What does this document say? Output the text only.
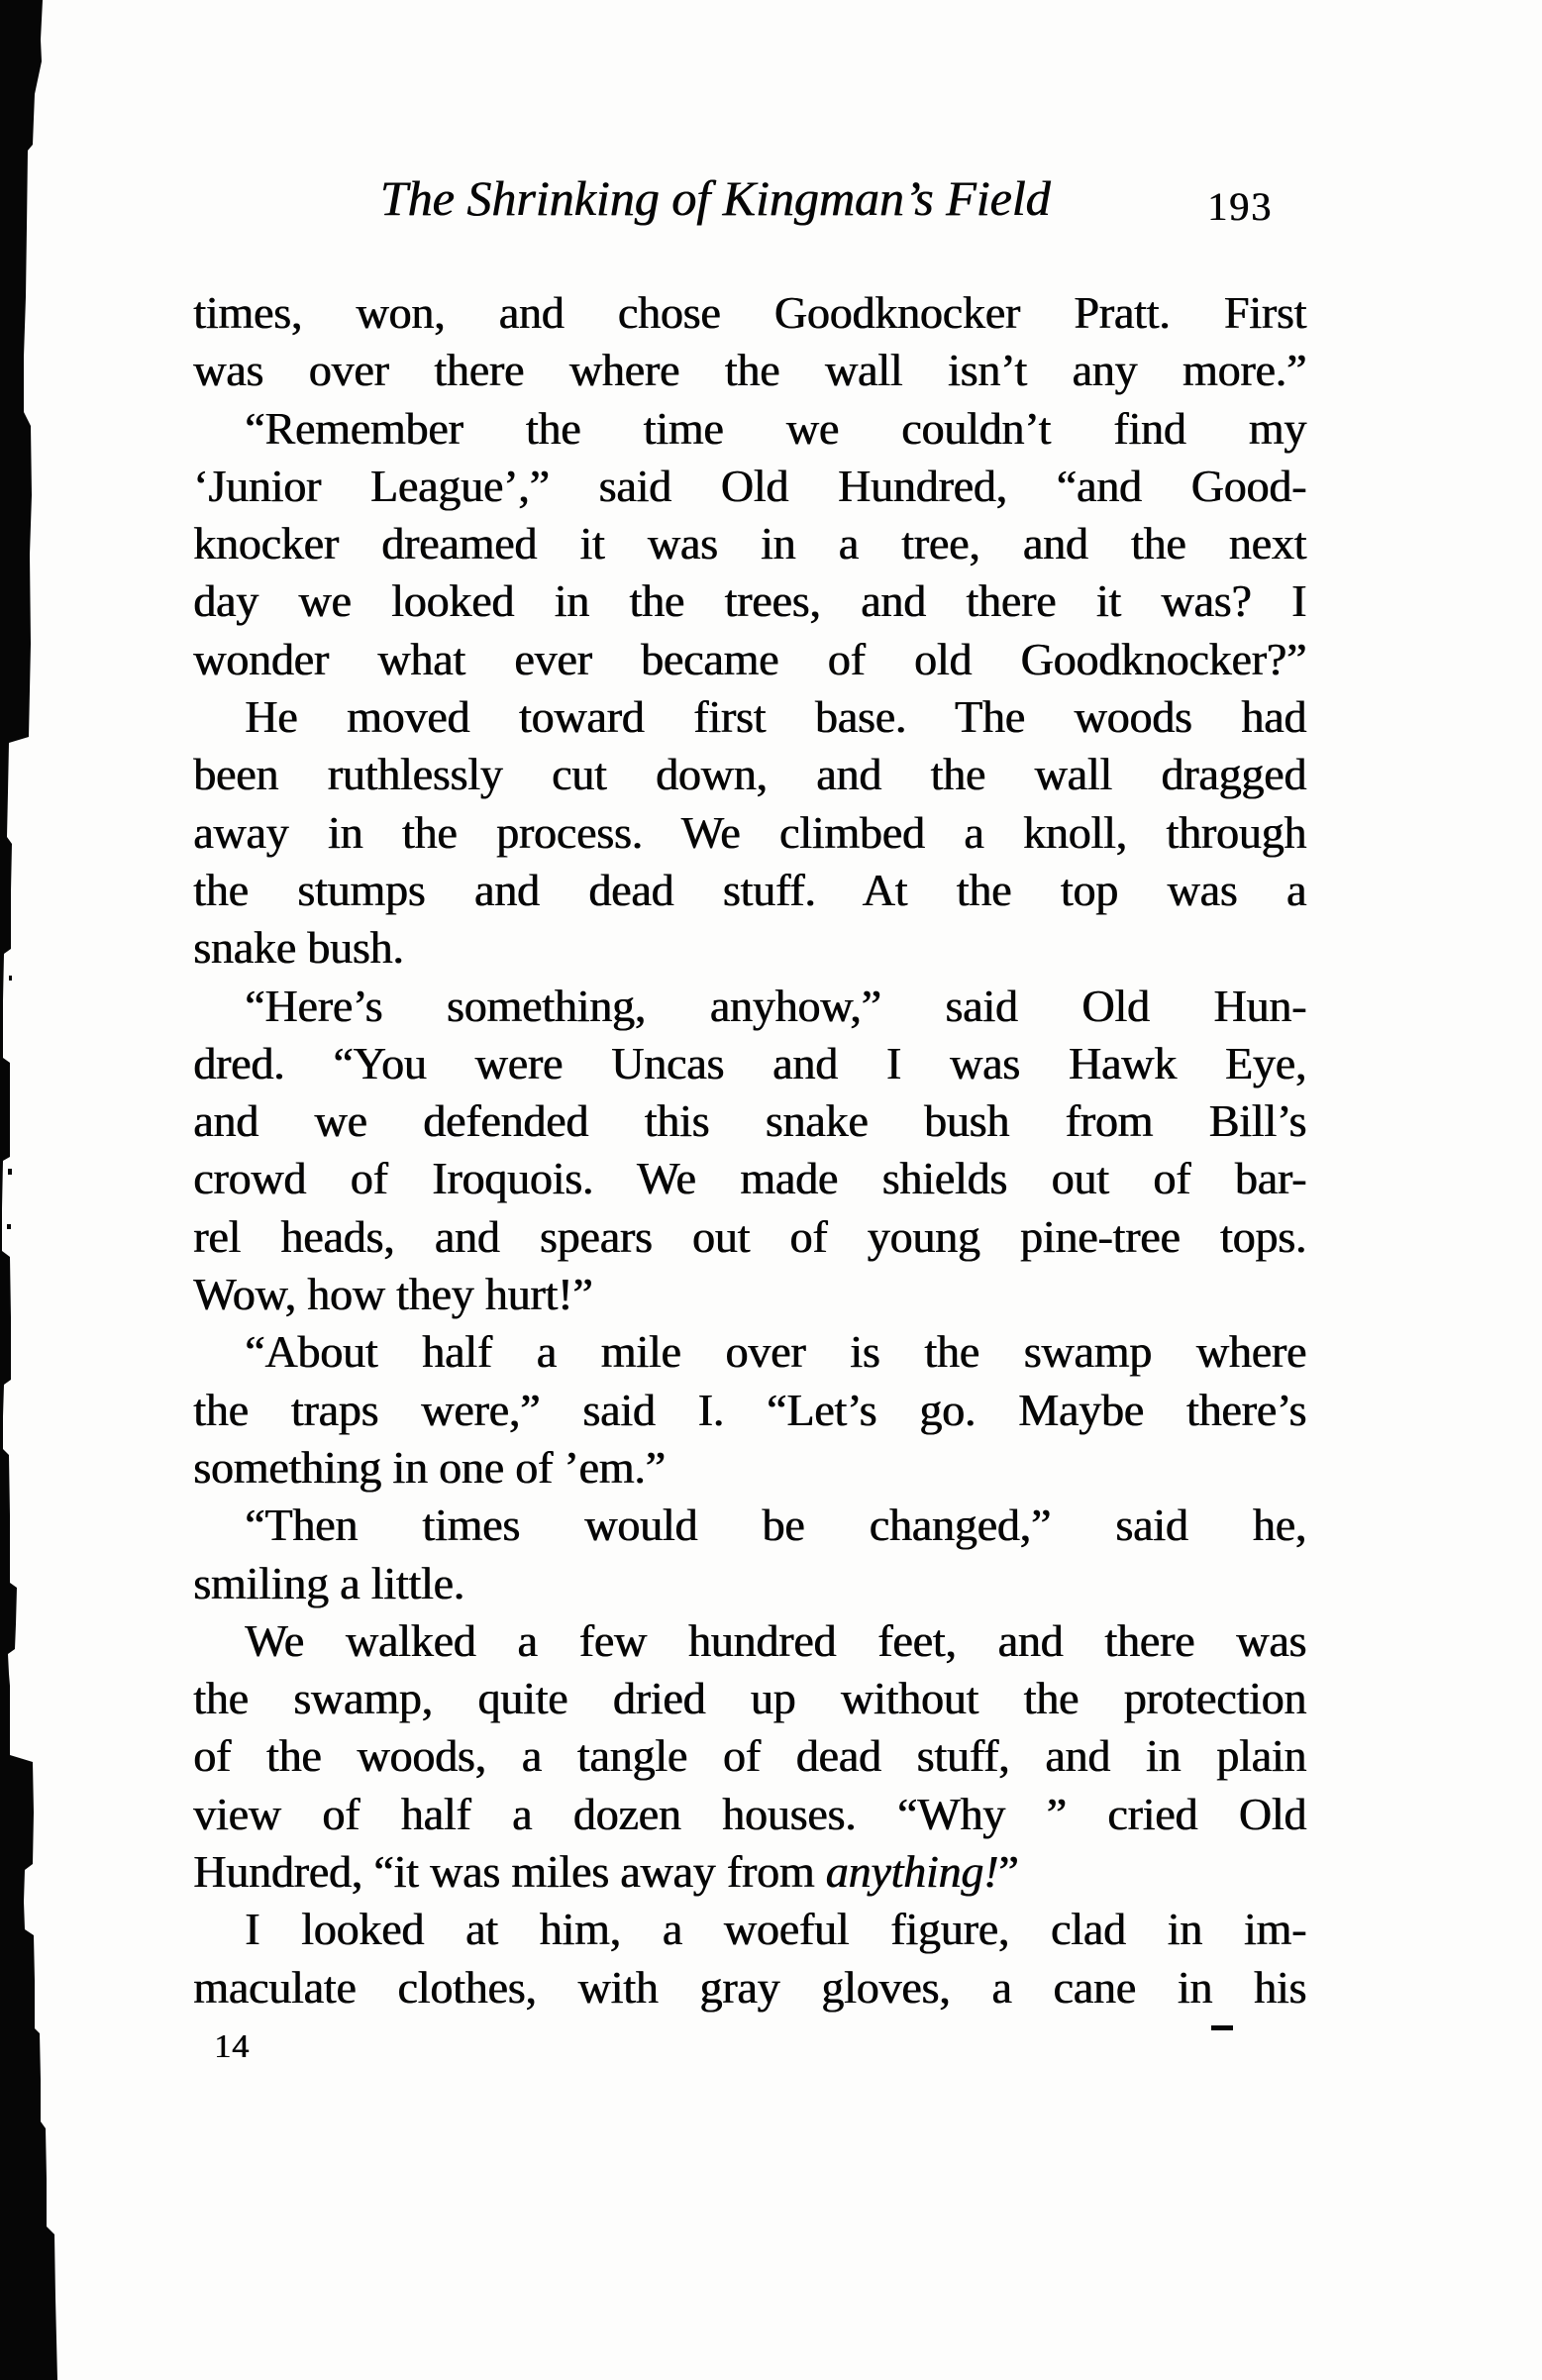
The Shrinking of Kingman’s Field	193
times, won, and chose Goodknocker Pratt. First
was over there where the wall isn’t any more.”
“Remember the time we couldn’t find my
‘Junior League’,” said Old Hundred, “and Good-
knocker dreamed it was in a tree, and the next
day we looked in the trees, and there it was? I
wonder what ever became of old Goodknocker?”
He moved toward first base. The woods had
been ruthlessly cut down, and the wall dragged
away in the process. We climbed a knoll, through
the stumps and dead stuff. At the top was a
snake bush.
“Here’s something, anyhow,” said Old Hun-
dred. “You were Uncas and I was Hawk Eye,
and we defended this snake bush from Bill’s
crowd of Iroquois. We made shields out of bar-
rel heads, and spears out of young pine-tree tops.
Wow, how they hurt!”
“About half a mile over is the swamp where
the traps were,” said I. “Let’s go. Maybe there’s
something in one of ’em.”
“Then times would be changed,” said he,
smiling a little.
We walked a few hundred feet, and there was
the swamp, quite dried up without the protection
of the woods, a tangle of dead stuff, and in plain
view of half a dozen houses. “Why ” cried Old
Hundred, “it was miles away from anything!”
I looked at him, a woeful figure, clad in im-
maculate clothes, with gray gloves, a cane in his
14
